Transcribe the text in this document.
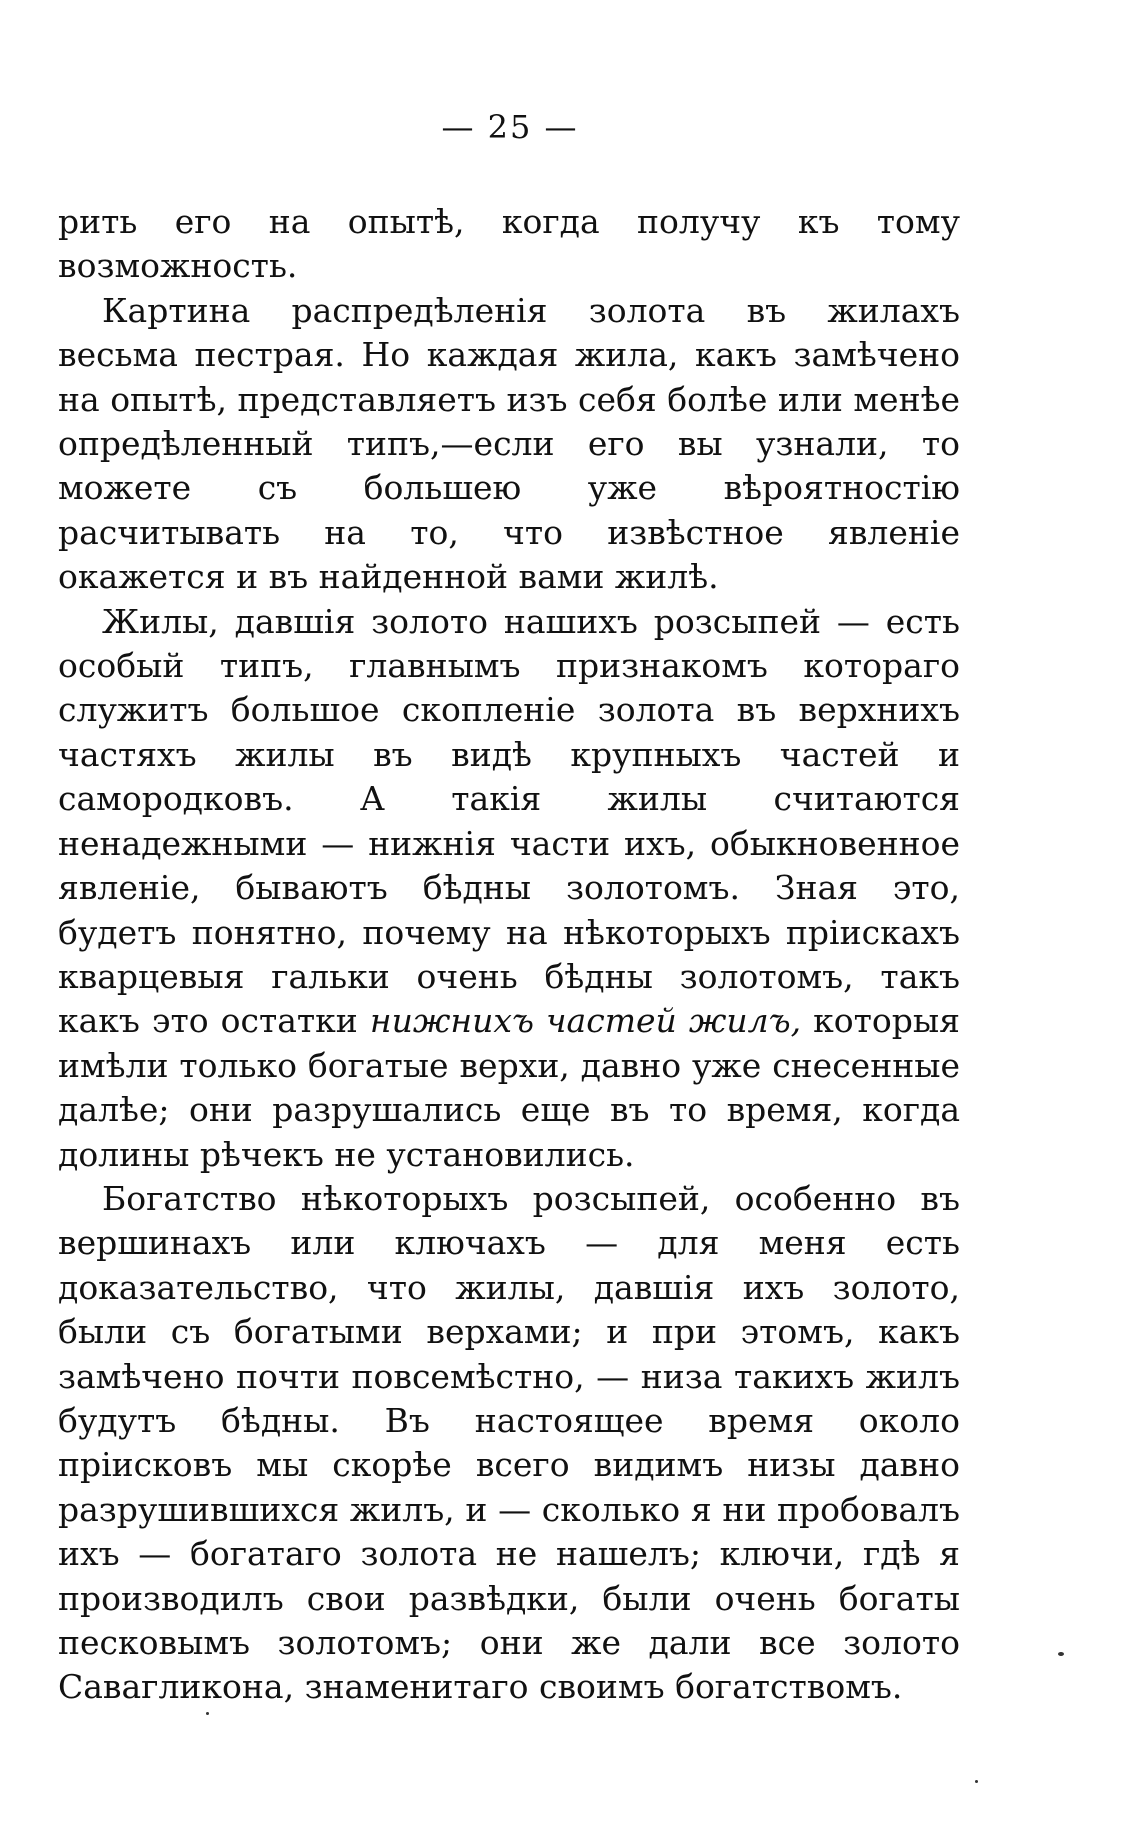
— 25 —

рить его на опытѣ, когда получу къ тому возможность.

Картина распредѣленія золота въ жилахъ весьма пестрая. Но каждая жила, какъ замѣчено на опытѣ, представляетъ изъ себя болѣе или менѣе опредѣленный типъ,—если его вы узнали, то можете съ большею уже вѣроятностію расчитывать на то, что извѣстное явленіе окажется и въ найденной вами жилѣ.

Жилы, давшія золото нашихъ розсыпей — есть особый типъ, главнымъ признакомъ котораго служитъ большое скопленіе золота въ верхнихъ частяхъ жилы въ видѣ крупныхъ частей и самородковъ. А такія жилы считаются ненадежными — нижнія части ихъ, обыкновенное явленіе, бываютъ бѣдны золотомъ. Зная это, будетъ понятно, почему на нѣкоторыхъ пріискахъ кварцевыя гальки очень бѣдны золотомъ, такъ какъ это остатки нижнихъ частей жилъ, которыя имѣли только богатые верхи, давно уже снесенные далѣе; они разрушались еще въ то время, когда долины рѣчекъ не установились.

Богатство нѣкоторыхъ розсыпей, особенно въ вершинахъ или ключахъ — для меня есть доказательство, что жилы, давшія ихъ золото, были съ богатыми верхами; и при этомъ, какъ замѣчено почти повсемѣстно, — низа такихъ жилъ будутъ бѣдны. Въ настоящее время около пріисковъ мы скорѣе всего видимъ низы давно разрушившихся жилъ, и — сколько я ни пробовалъ ихъ — богатаго золота не нашелъ; ключи, гдѣ я производилъ свои развѣдки, были очень богаты песковымъ золотомъ; они же дали все золото Савагликона, знаменитаго своимъ богатствомъ.
